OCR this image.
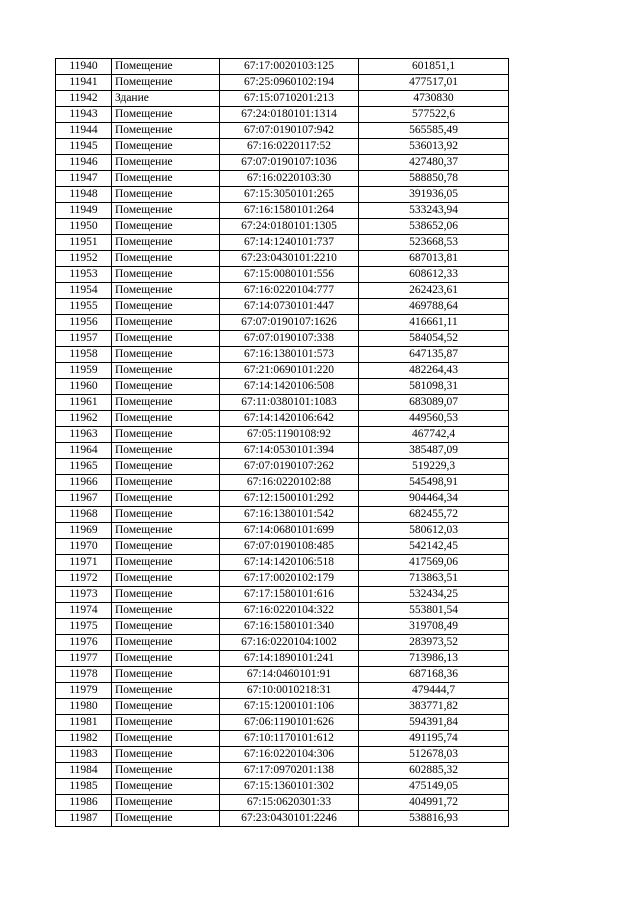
11940	Помещение	67:17:0020103:125	601851,1
11941	Помещение	67:25:0960102:194	477517,01
11942	Здание	67:15:0710201:213	4730830
11943	Помещение	67:24:0180101:1314	577522,6
11944	Помещение	67:07:0190107:942	565585,49
11945	Помещение	67:16:0220117:52	536013,92
11946	Помещение	67:07:0190107:1036	427480,37
11947	Помещение	67:16:0220103:30	588850,78
11948	Помещение	67:15:3050101:265	391936,05
11949	Помещение	67:16:1580101:264	533243,94
11950	Помещение	67:24:0180101:1305	538652,06
11951	Помещение	67:14:1240101:737	523668,53
11952	Помещение	67:23:0430101:2210	687013,81
11953	Помещение	67:15:0080101:556	608612,33
11954	Помещение	67:16:0220104:777	262423,61
11955	Помещение	67:14:0730101:447	469788,64
11956	Помещение	67:07:0190107:1626	416661,11
11957	Помещение	67:07:0190107:338	584054,52
11958	Помещение	67:16:1380101:573	647135,87
11959	Помещение	67:21:0690101:220	482264,43
11960	Помещение	67:14:1420106:508	581098,31
11961	Помещение	67:11:0380101:1083	683089,07
11962	Помещение	67:14:1420106:642	449560,53
11963	Помещение	67:05:1190108:92	467742,4
11964	Помещение	67:14:0530101:394	385487,09
11965	Помещение	67:07:0190107:262	519229,3
11966	Помещение	67:16:0220102:88	545498,91
11967	Помещение	67:12:1500101:292	904464,34
11968	Помещение	67:16:1380101:542	682455,72
11969	Помещение	67:14:0680101:699	580612,03
11970	Помещение	67:07:0190108:485	542142,45
11971	Помещение	67:14:1420106:518	417569,06
11972	Помещение	67:17:0020102:179	713863,51
11973	Помещение	67:17:1580101:616	532434,25
11974	Помещение	67:16:0220104:322	553801,54
11975	Помещение	67:16:1580101:340	319708,49
11976	Помещение	67:16:0220104:1002	283973,52
11977	Помещение	67:14:1890101:241	713986,13
11978	Помещение	67:14:0460101:91	687168,36
11979	Помещение	67:10:0010218:31	479444,7
11980	Помещение	67:15:1200101:106	383771,82
11981	Помещение	67:06:1190101:626	594391,84
11982	Помещение	67:10:1170101:612	491195,74
11983	Помещение	67:16:0220104:306	512678,03
11984	Помещение	67:17:0970201:138	602885,32
11985	Помещение	67:15:1360101:302	475149,05
11986	Помещение	67:15:0620301:33	404991,72
11987	Помещение	67:23:0430101:2246	538816,93
